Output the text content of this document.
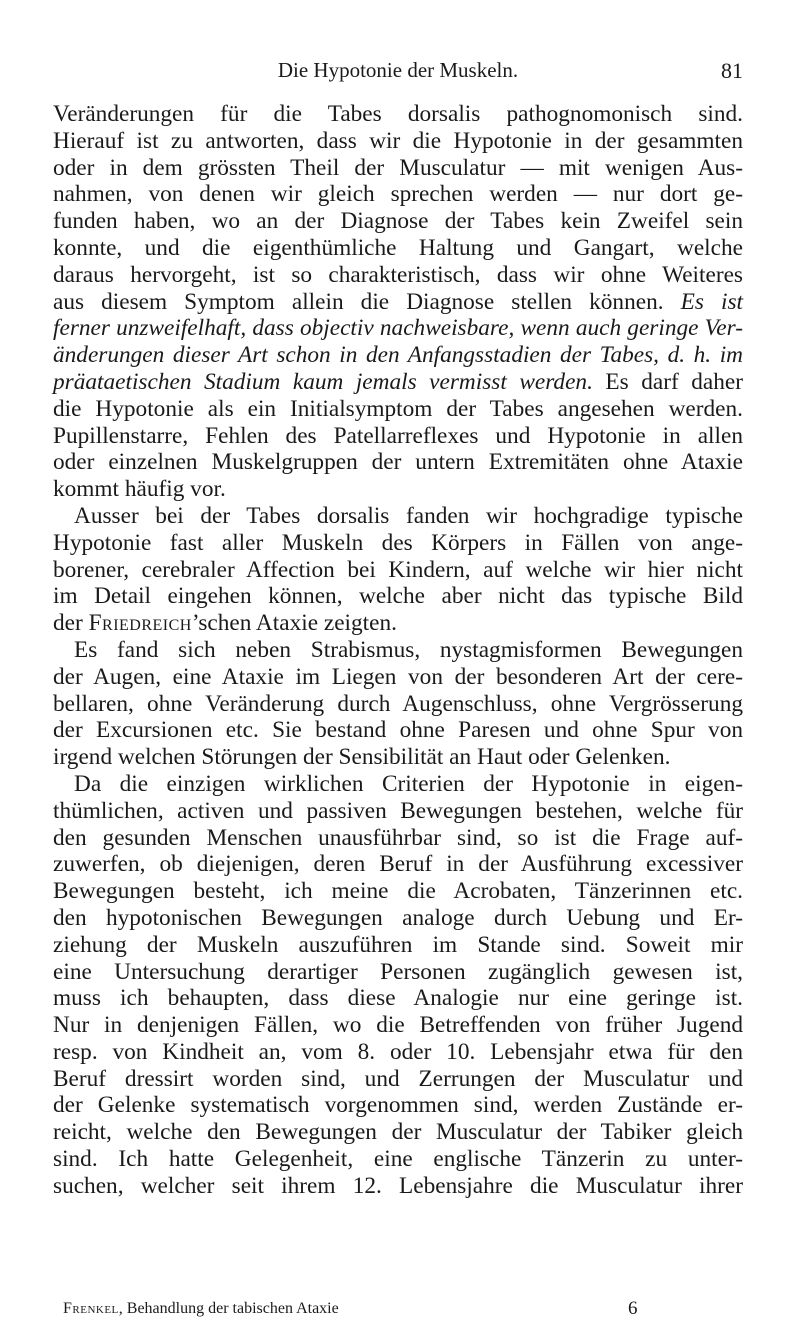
Die Hypotonie der Muskeln.	81
Veränderungen für die Tabes dorsalis pathognomonisch sind.
Hierauf ist zu antworten, dass wir die Hypotonie in der gesammten
oder in dem grössten Theil der Musculatur — mit wenigen Aus-
nahmen, von denen wir gleich sprechen werden — nur dort ge-
funden haben, wo an der Diagnose der Tabes kein Zweifel sein
konnte, und die eigenthümliche Haltung und Gangart, welche
daraus hervorgeht, ist so charakteristisch, dass wir ohne Weiteres
aus diesem Symptom allein die Diagnose stellen können. Es ist
ferner unzweifelhaft, dass objectiv nachweisbare, wenn auch geringe Ver-
änderungen dieser Art schon in den Anfangsstadien der Tabes, d. h. im
präataetischen Stadium kaum jemals vermisst werden. Es darf daher
die Hypotonie als ein Initialsymptom der Tabes angesehen werden.
Pupillenstarre, Fehlen des Patellarreflexes und Hypotonie in allen
oder einzelnen Muskelgruppen der untern Extremitäten ohne Ataxie
kommt häufig vor.
Ausser bei der Tabes dorsalis fanden wir hochgradige typische
Hypotonie fast aller Muskeln des Körpers in Fällen von ange-
borener, cerebraler Affection bei Kindern, auf welche wir hier nicht
im Detail eingehen können, welche aber nicht das typische Bild
der Friedreich’schen Ataxie zeigten.
Es fand sich neben Strabismus, nystagmisformen Bewegungen
der Augen, eine Ataxie im Liegen von der besonderen Art der cere-
bellaren, ohne Veränderung durch Augenschluss, ohne Vergrösserung
der Excursionen etc. Sie bestand ohne Paresen und ohne Spur von
irgend welchen Störungen der Sensibilität an Haut oder Gelenken.
Da die einzigen wirklichen Criterien der Hypotonie in eigen-
thümlichen, activen und passiven Bewegungen bestehen, welche für
den gesunden Menschen unausführbar sind, so ist die Frage auf-
zuwerfen, ob diejenigen, deren Beruf in der Ausführung excessiver
Bewegungen besteht, ich meine die Acrobaten, Tänzerinnen etc.
den hypotonischen Bewegungen analoge durch Uebung und Er-
ziehung der Muskeln auszuführen im Stande sind. Soweit mir
eine Untersuchung derartiger Personen zugänglich gewesen ist,
muss ich behaupten, dass diese Analogie nur eine geringe ist.
Nur in denjenigen Fällen, wo die Betreffenden von früher Jugend
resp. von Kindheit an, vom 8. oder 10. Lebensjahr etwa für den
Beruf dressirt worden sind, und Zerrungen der Musculatur und
der Gelenke systematisch vorgenommen sind, werden Zustände er-
reicht, welche den Bewegungen der Musculatur der Tabiker gleich
sind. Ich hatte Gelegenheit, eine englische Tänzerin zu unter-
suchen, welcher seit ihrem 12. Lebensjahre die Musculatur ihrer
Frenkel, Behandlung der tabischen Ataxie	6
